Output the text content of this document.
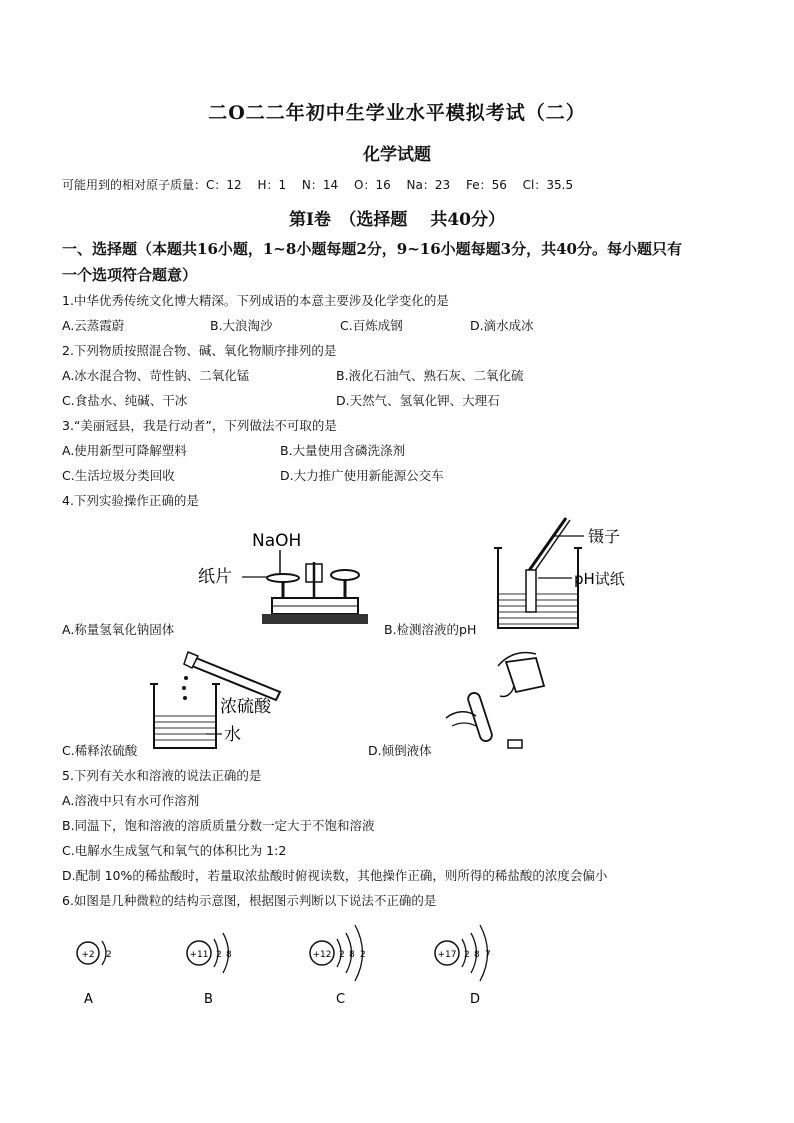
二O二二年初中生学业水平模拟考试（二）
化学试题
可能用到的相对原子质量：C：12　 H：1　 N：14　 O：16　 Na：23　 Fe：56　 Cl：35.5
第Ⅰ卷　（选择题　 共40分）
一、选择题（本题共16小题，1~8小题每题2分，9~16小题每题3分，共40分。每小题只有
一个选项符合题意）
1.中华优秀传统文化博大精深。下列成语的本意主要涉及化学变化的是
A.云蒸霞蔚	B.大浪淘沙	C.百炼成钢	D.滴水成冰
2.下列物质按照混合物、碱、氧化物顺序排列的是
A.冰水混合物、苛性钠、二氧化锰	B.液化石油气、熟石灰、二氧化硫
C.食盐水、纯碱、干冰	D.天然气、氢氧化钾、大理石
3.“美丽冠县，我是行动者”，下列做法不可取的是
A.使用新型可降解塑料	B.大量使用含磷洗涤剂
C.生活垃圾分类回收	D.大力推广使用新能源公交车
4.下列实验操作正确的是
NaOH
纸片
A.称量氢氧化钠固体
镊子
pH试纸
B.检测溶液的pH
浓硫酸
水
C.稀释浓硫酸	D.倾倒液体
5.下列有关水和溶液的说法正确的是
A.溶液中只有水可作溶剂
B.同温下，饱和溶液的溶质质量分数一定大于不饱和溶液
C.电解水生成氢气和氧气的体积比为 1:2
D.配制 10%的稀盐酸时，若量取浓盐酸时俯视读数，其他操作正确，则所得的稀盐酸的浓度会偏小
6.如图是几种微粒的结构示意图，根据图示判断以下说法不正确的是
+2 2
A
+11 2 8
B
+12 2 8 2
C
+17 2 8 7
D
